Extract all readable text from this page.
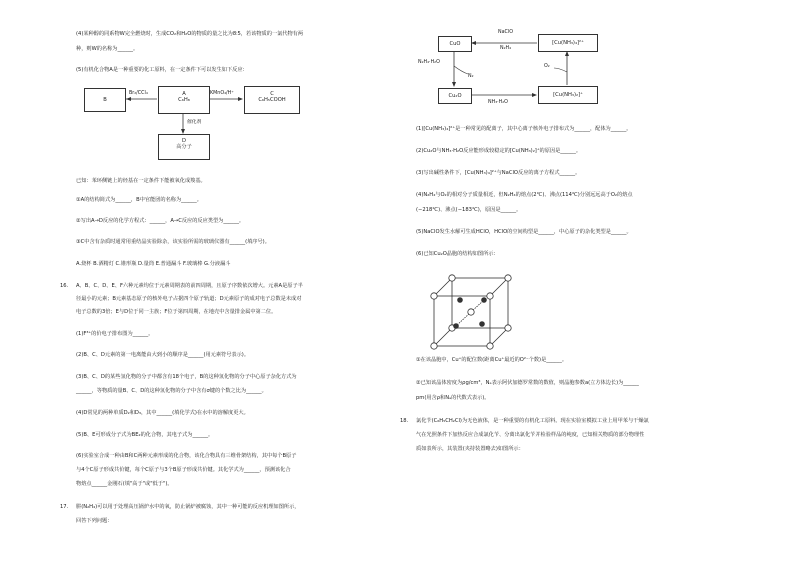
(4)某种醇的同系物W完全燃烧时，生成CO₂和H₂O的物质的量之比为8∶5，若该物质的一氯代物有两
种，则W的名称为______。
(5)有机化合物A是一种重要的化工原料，在一定条件下可以发生如下反应：
B
A
C₆H₈
C
C₆H₅COOH
D
高分子
Br₂/CCl₄	KMnO₄/H⁺
催化剂
已知：苯环侧链上的烃基在一定条件下能被氧化成羧基。
①A的结构简式为______，B中官能团的名称为______。
②写出A→D反应的化学方程式：______，A→C反应的反应类型为______。
③C中含有杂质时通常用重结晶实验除杂，该实验所需的玻璃仪器有______(填序号)。
A.烧杯 B.酒精灯 C.锥形瓶 D.量筒 E.普通漏斗 F.玻璃棒 G.分液漏斗
16. A、B、C、D、E、F六种元素均位于元素周期表的前四周期，且原子序数依次增大。元素A是原子半
径最小的元素；B元素基态原子的核外电子占据四个原子轨道；D元素原子的成对电子总数是未成对
电子总数的3倍；E与D位于同一主族；F位于第四周期，在地壳中含量排金属中第二位。
(1)F³⁺的价电子排布图为______。
(2)B、C、D元素的第一电离能由大到小的顺序是______(用元素符号表示)。
(3)B、C、D的某些氢化物的分子中都含有18个电子，B的这种氢化物的分子中心原子杂化方式为
______，等物质的量B、C、D的这种氢化物的分子中含有σ键的个数之比为______。
(4)D常见的两种单质D₂和D₃，其中______(填化学式)在水中的溶解度更大。
(5)B、E可形成分子式为BE₂的化合物，其电子式为______。
(6)实验室合成一种由B和C两种元素形成的化合物，该化合物具有三维骨架结构，其中每个B原子
与4个C原子形成共价键，每个C原子与3个B原子形成共价键。其化学式为______，预测该化合
物熔点______金刚石(填"高于"或"低于")。
17. 肼(N₂H₄)可以用于处理高压锅炉水中的氧，防止锅炉被腐蚀，其中一种可能的反应机理如图所示，
回答下列问题：
CuO	[Cu(NH₃)₄]²⁺
Cu₂O	[Cu(NH₃)₂]⁺
NaClO
N₂H₄
N₂H₄·H₂O
N₂
O₂
NH₃·H₂O
(1)[Cu(NH₃)₄]²⁺是一种常见的配离子，其中心离子核外电子排布式为______，配体为______。
(2)Cu₂O与NH₃·H₂O反应能形成较稳定的[Cu(NH₃)₂]⁺的原因是______。
(3)写出碱性条件下，[Cu(NH₃)₄]²⁺与NaClO反应的离子方程式______。
(4)N₂H₄与O₂的相对分子质量相近，但N₂H₄的熔点(2℃)、沸点(114℃)分别远远高于O₂的熔点
(−218℃)、沸点(−183℃)，原因是______。
(5)NaClO发生水解可生成HClO，HClO的空间构型是______，中心原子的杂化类型是______。
(6)已知Cu₂O晶胞的结构如图所示：
①在该晶胞中，Cu⁺的配位数(距离Cu⁺最近的O²⁻个数)是______。
②已知该晶体密度为ρg/cm³，Nₐ表示阿伏加德罗常数的数值，则晶胞参数a(立方体边长)为______
pm(用含ρ和Nₐ的代数式表示)。
18. 氯化苄(C₆H₅CH₂Cl)为无色液体，是一种重要的有机化工原料。现在实验室模拟工业上用甲苯与干燥氯
气在光照条件下加热反应合成氯化苄、分离出氯化苄并检验样品的纯度，已知相关物质的部分物理性
质如表所示，其装置(夹持装置略去)如图所示：
